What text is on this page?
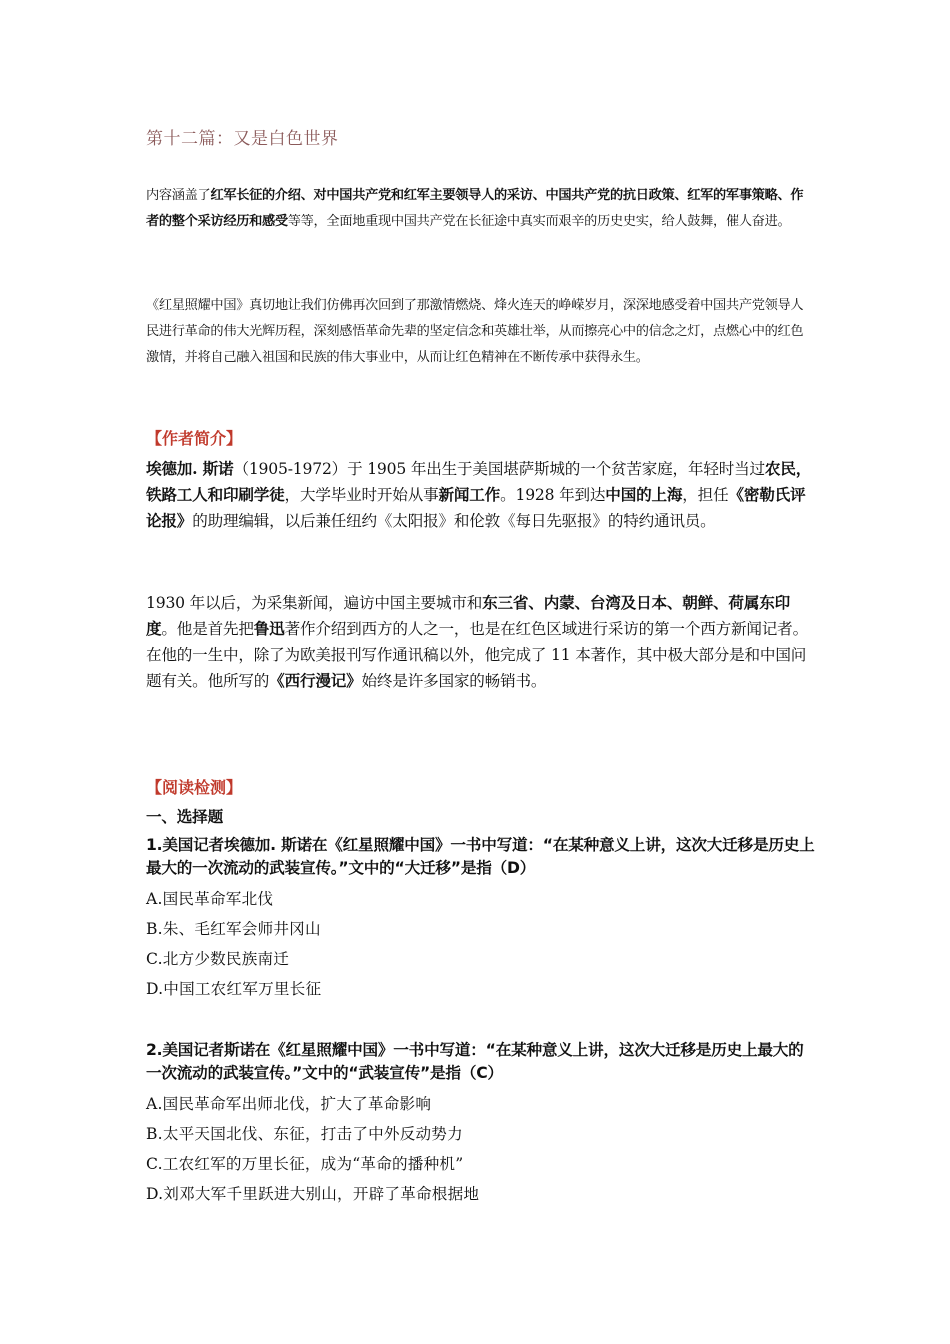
第十二篇：又是白色世界
内容涵盖了红军长征的介绍、对中国共产党和红军主要领导人的采访、中国共产党的抗日政策、红军的军事策略、作者的整个采访经历和感受等等，全面地重现中国共产党在长征途中真实而艰辛的历史史实，给人鼓舞，催人奋进。
《红星照耀中国》真切地让我们仿佛再次回到了那激情燃烧、烽火连天的峥嵘岁月，深深地感受着中国共产党领导人民进行革命的伟大光辉历程，深刻感悟革命先辈的坚定信念和英雄壮举，从而擦亮心中的信念之灯，点燃心中的红色激情，并将自己融入祖国和民族的伟大事业中，从而让红色精神在不断传承中获得永生。
【作者简介】
埃德加. 斯诺（1905-1972）于 1905 年出生于美国堪萨斯城的一个贫苦家庭，年轻时当过农民，铁路工人和印刷学徒，大学毕业时开始从事新闻工作。1928 年到达中国的上海，担任《密勒氏评论报》的助理编辑，以后兼任纽约《太阳报》和伦敦《每日先驱报》的特约通讯员。
1930 年以后，为采集新闻，遍访中国主要城市和东三省、内蒙、台湾及日本、朝鲜、荷属东印度。他是首先把鲁迅著作介绍到西方的人之一，也是在红色区域进行采访的第一个西方新闻记者。在他的一生中，除了为欧美报刊写作通讯稿以外，他完成了 11 本著作，其中极大部分是和中国问题有关。他所写的《西行漫记》始终是许多国家的畅销书。
【阅读检测】
一、选择题
1.美国记者埃德加. 斯诺在《红星照耀中国》一书中写道：“在某种意义上讲，这次大迁移是历史上最大的一次流动的武装宣传。”文中的“大迁移”是指（D）
A.国民革命军北伐
B.朱、毛红军会师井冈山
C.北方少数民族南迁
D.中国工农红军万里长征
2.美国记者斯诺在《红星照耀中国》一书中写道：“在某种意义上讲，这次大迁移是历史上最大的一次流动的武装宣传。”文中的“武装宣传”是指（C）
A.国民革命军出师北伐，扩大了革命影响
B.太平天国北伐、东征，打击了中外反动势力
C.工农红军的万里长征，成为“革命的播种机”
D.刘邓大军千里跃进大别山，开辟了革命根据地
